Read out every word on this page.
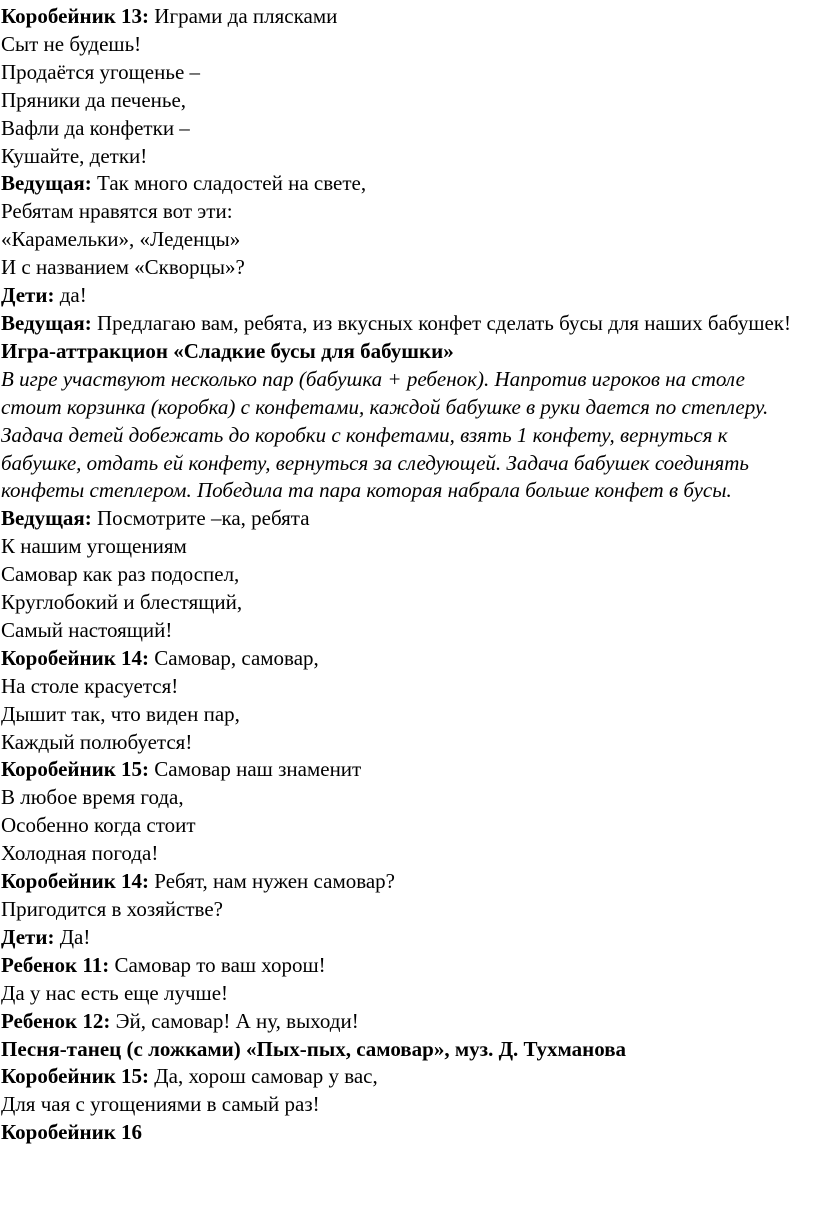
Коробейник 13: Играми да плясками
Сыт не будешь!
Продаётся угощенье –
Пряники да печенье,
Вафли да конфетки –
Кушайте, детки!
Ведущая: Так много сладостей на свете,
Ребятам нравятся вот эти:
«Карамельки», «Леденцы»
И с названием «Скворцы»?
Дети: да!
Ведущая: Предлагаю вам, ребята, из вкусных конфет сделать бусы для наших бабушек!
Игра-аттракцион «Сладкие бусы для бабушки»
В игре участвуют несколько пар (бабушка + ребенок). Напротив игроков на столе стоит корзинка (коробка) с конфетами, каждой бабушке в руки дается по степлеру. Задача детей добежать до коробки с конфетами, взять 1 конфету, вернуться к бабушке, отдать ей конфету, вернуться за следующей. Задача бабушек соединять конфеты степлером. Победила та пара которая набрала больше конфет в бусы.
Ведущая: Посмотрите –ка, ребята
К нашим угощениям
Самовар как раз подоспел,
Круглобокий и блестящий,
Самый настоящий!
Коробейник 14: Самовар, самовар,
На столе красуется!
Дышит так, что виден пар,
Каждый полюбуется!
Коробейник 15: Самовар наш знаменит
В любое время года,
Особенно когда стоит
Холодная погода!
Коробейник 14: Ребят, нам нужен самовар?
Пригодится в хозяйстве?
Дети: Да!
Ребенок 11: Самовар то ваш хорош!
Да у нас есть еще лучше!
Ребенок 12: Эй, самовар! А ну, выходи!
Песня-танец (с ложками) «Пых-пых, самовар», муз. Д. Тухманова
Коробейник 15: Да, хорош самовар у вас,
Для чая с угощениями в самый раз!
Коробейник 16
